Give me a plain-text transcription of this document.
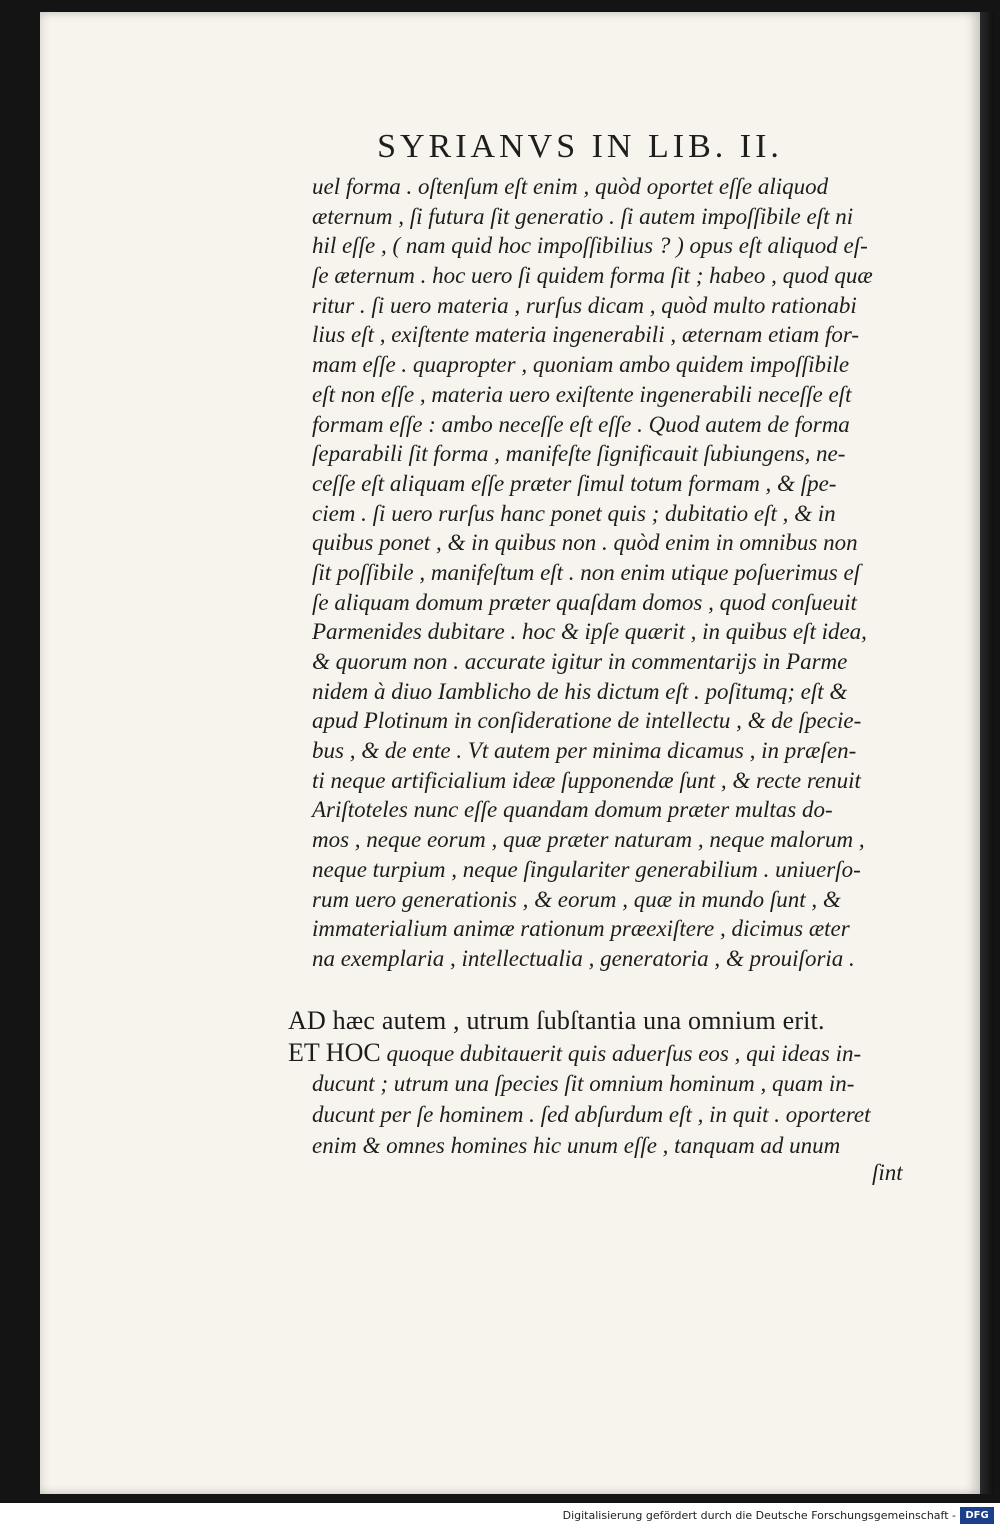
SYRIANVS IN LIB. II.
uel forma . oſtenſum eſt enim , quòd oportet eſſe aliquod
æternum , ſi futura ſit generatio . ſi autem impoſſibile eſt ni
hil eſſe , ( nam quid hoc impoſſibilius ? ) opus eſt aliquod eſ-
ſe æternum . hoc uero ſi quidem forma ſit ; habeo , quod quæ
ritur . ſi uero materia , rurſus dicam , quòd multo rationabi
lius eſt , exiſtente materia ingenerabili , æternam etiam for-
mam eſſe . quapropter , quoniam ambo quidem impoſſibile
eſt non eſſe , materia uero exiſtente ingenerabili neceſſe eſt
formam eſſe : ambo neceſſe eſt eſſe . Quod autem de forma
ſeparabili ſit forma , manifeſte ſignificauit ſubiungens, ne-
ceſſe eſt aliquam eſſe præter ſimul totum formam , & ſpe-
ciem . ſi uero rurſus hanc ponet quis ; dubitatio eſt , & in
quibus ponet , & in quibus non . quòd enim in omnibus non
ſit poſſibile , manifeſtum eſt . non enim utique poſuerimus eſ
ſe aliquam domum præter quaſdam domos , quod conſueuit
Parmenides dubitare . hoc & ipſe quærit , in quibus eſt idea,
& quorum non . accurate igitur in commentarijs in Parme
nidem à diuo Iamblicho de his dictum eſt . poſitumq; eſt &
apud Plotinum in conſideratione de intellectu , & de ſpecie-
bus , & de ente . Vt autem per minima dicamus , in præſen-
ti neque artificialium ideæ ſupponendæ ſunt , & recte renuit
Ariſtoteles nunc eſſe quandam domum præter multas do-
mos , neque eorum , quæ præter naturam , neque malorum ,
neque turpium , neque ſingulariter generabilium . uniuerſo-
rum uero generationis , & eorum , quæ in mundo ſunt , &
immaterialium animæ rationum præexiſtere , dicimus æter
na exemplaria , intellectualia , generatoria , & prouiſoria .
AD hæc autem , utrum ſubſtantia una omnium erit.
ET HOC quoque dubitauerit quis aduerſus eos , qui ideas in-
ducunt ; utrum una ſpecies ſit omnium hominum , quam in-
ducunt per ſe hominem . ſed abſurdum eſt , in quit . oporteret
enim & omnes homines hic unum eſſe , tanquam ad unum
ſint
Digitalisierung gefördert durch die Deutsche Forschungsgemeinschaft - DFG
